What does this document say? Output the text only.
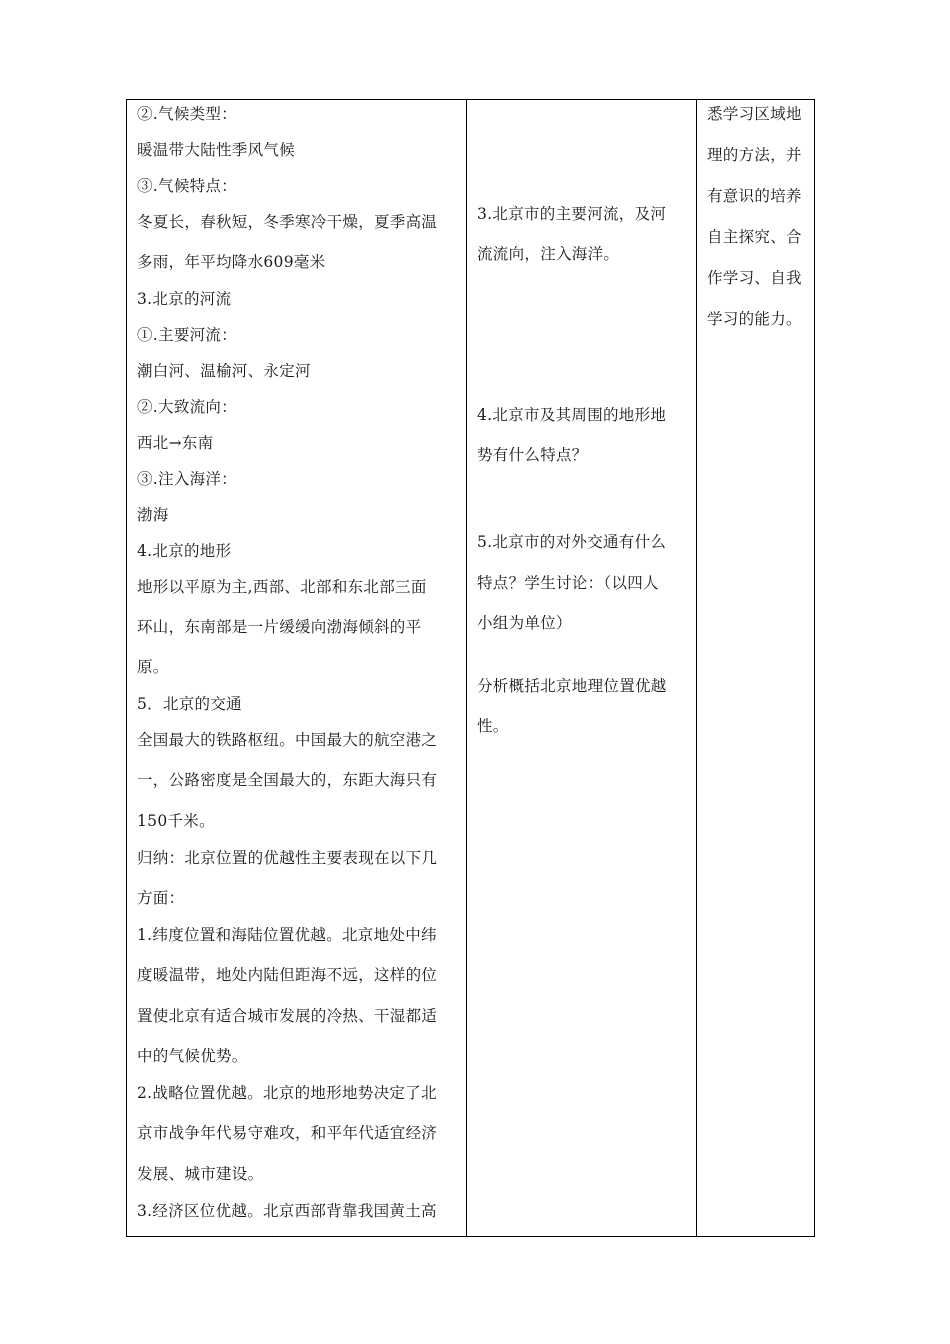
②.气候类型：
暖温带大陆性季风气候
③.气候特点：
冬夏长，春秋短，冬季寒冷干燥，夏季高温
多雨，年平均降水609毫米
3.北京的河流
①.主要河流：
潮白河、温榆河、永定河
②.大致流向：
西北→东南
③.注入海洋：
渤海
4.北京的地形
地形以平原为主,西部、北部和东北部三面
环山，东南部是一片缓缓向渤海倾斜的平
原。
5．北京的交通
全国最大的铁路枢纽。中国最大的航空港之
一，公路密度是全国最大的，东距大海只有
150千米。
归纳：北京位置的优越性主要表现在以下几
方面：
1.纬度位置和海陆位置优越。北京地处中纬
度暖温带，地处内陆但距海不远，这样的位
置使北京有适合城市发展的冷热、干湿都适
中的气候优势。
2.战略位置优越。北京的地形地势决定了北
京市战争年代易守难攻，和平年代适宜经济
发展、城市建设。
3.经济区位优越。北京西部背靠我国黄土高
3.北京市的主要河流，及河
流流向，注入海洋。
4.北京市及其周围的地形地
势有什么特点？
5.北京市的对外交通有什么
特点？学生讨论：（以四人
小组为单位）
分析概括北京地理位置优越
性。
悉学习区域地
理的方法，并
有意识的培养
自主探究、合
作学习、自我
学习的能力。
